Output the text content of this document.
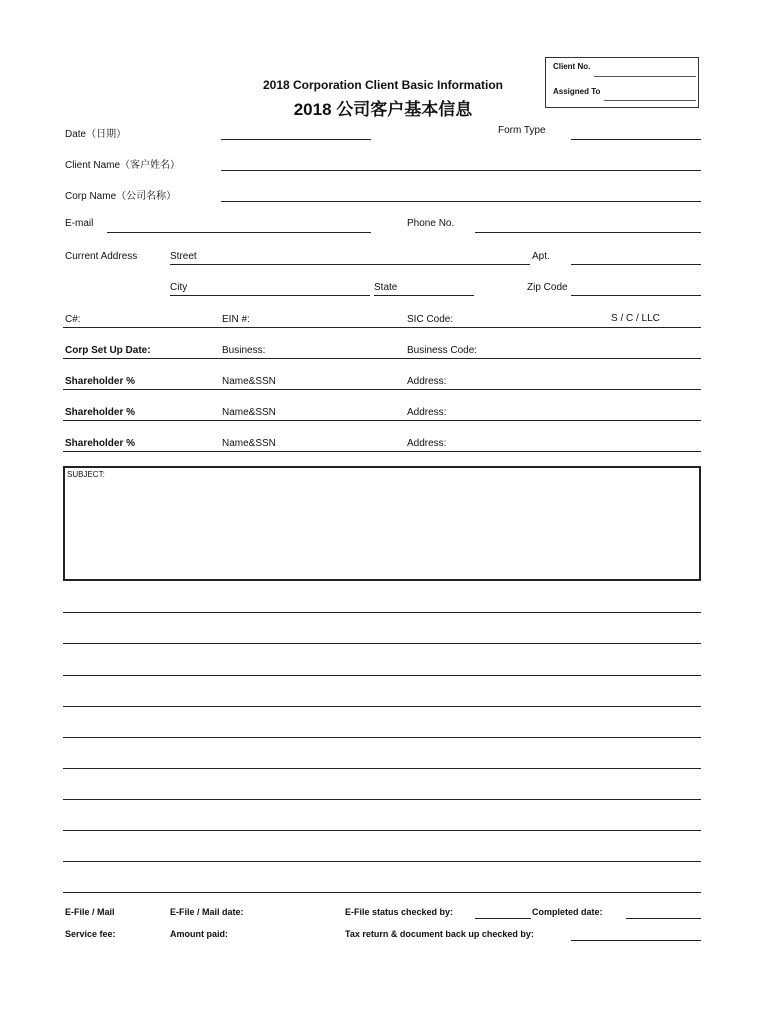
Client No.
Assigned To
2018 Corporation Client Basic Information
2018 公司客户基本信息
Date（日期）	Form Type
Client Name（客户姓名）
Corp Name（公司名称）
E-mail	Phone No.
Current Address	Street	Apt.
City	State	Zip Code
C#:	EIN #:	SIC Code:	S / C / LLC
Corp Set Up Date:	Business:	Business Code:
Shareholder %	Name&SSN	Address:
Shareholder %	Name&SSN	Address:
Shareholder %	Name&SSN	Address:
SUBJECT:
E-File / Mail	E-File / Mail date:	E-File status checked by:	Completed date:
Service fee:	Amount paid:	Tax return & document back up checked by:
